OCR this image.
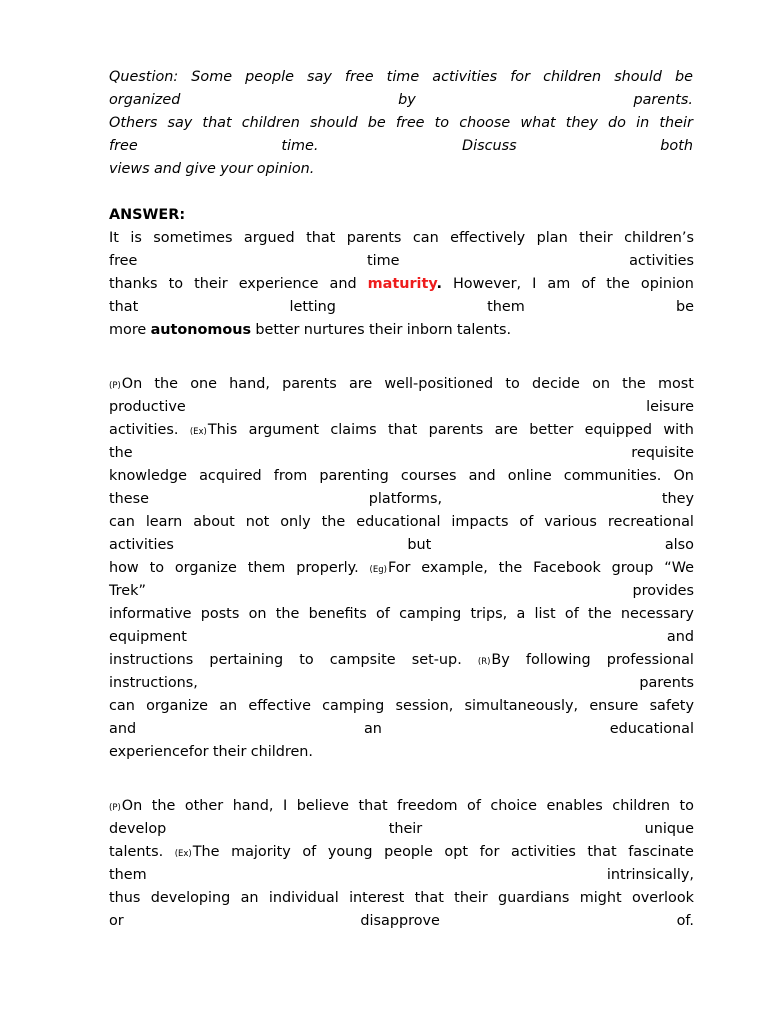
Question: Some people say free time activities for children should be
organized	by	parents.
Others say that children should be free to choose what they do in their
free	time.	Discuss	both
views and give your opinion.
ANSWER:
It is sometimes argued that parents can effectively plan their children’s
free	time	activities
thanks to their experience and maturity. However, I am of the opinion
that	letting	them	be
more autonomous better nurtures their inborn talents.
(P)On the one hand, parents are well-positioned to decide on the most
productive	leisure
activities. (Ex)This argument claims that parents are better equipped with
the	requisite
knowledge acquired from parenting courses and online communities. On
these	platforms,	they
can learn about not only the educational impacts of various recreational
activities	but	also
how to organize them properly. (Eg)For example, the Facebook group “We
Trek”	provides
informative posts on the benefits of camping trips, a list of the necessary
equipment	and
instructions pertaining to campsite set-up. (R)By following professional
instructions,	parents
can organize an effective camping session, simultaneously, ensure safety
and	an	educational
experiencefor their children.
(P)On the other hand, I believe that freedom of choice enables children to
develop	their	unique
talents. (Ex)The majority of young people opt for activities that fascinate
them	intrinsically,
thus developing an individual interest that their guardians might overlook
or	disapprove	of.
